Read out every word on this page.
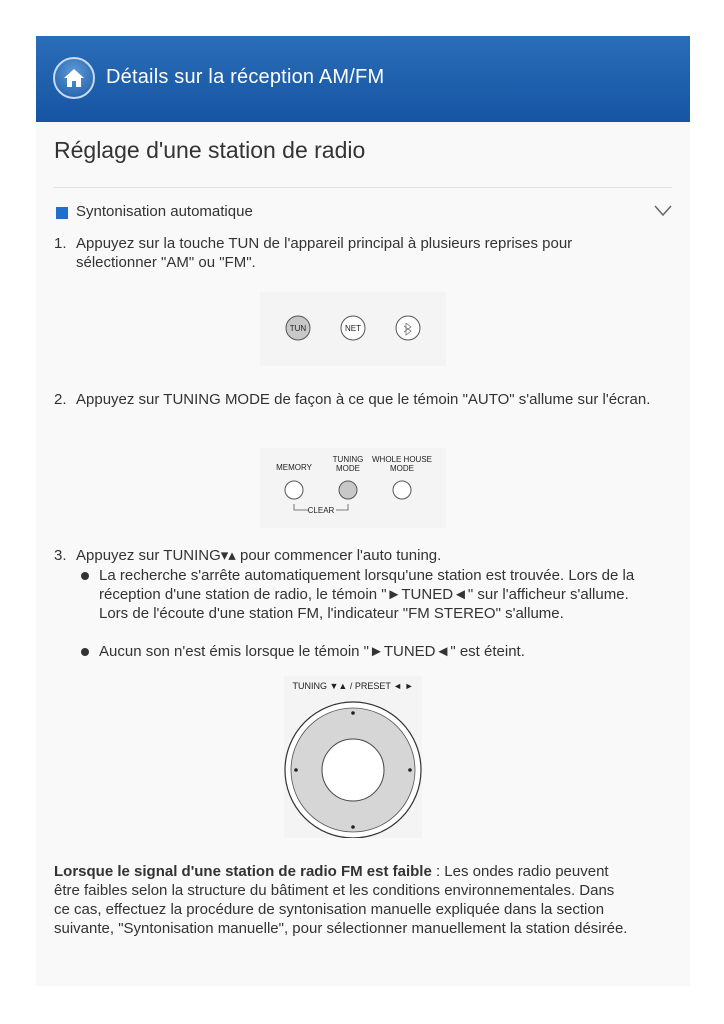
Détails sur la réception AM/FM
Réglage d'une station de radio
Syntonisation automatique
1. Appuyez sur la touche TUN de l'appareil principal à plusieurs reprises pour sélectionner "AM" ou "FM".
TUN	NET
2. Appuyez sur TUNING MODE de façon à ce que le témoin "AUTO" s'allume sur l'écran.
MEMORY
TUNING
MODE
WHOLE HOUSE
MODE
CLEAR
3. Appuyez sur TUNING▾▴ pour commencer l'auto tuning.
La recherche s'arrête automatiquement lorsqu'une station est trouvée. Lors de la réception d'une station de radio, le témoin "►TUNED◄" sur l'afficheur s'allume. Lors de l'écoute d'une station FM, l'indicateur "FM STEREO" s'allume.
Aucun son n'est émis lorsque le témoin "►TUNED◄" est éteint.
TUNING ▼▲ / PRESET ◄ ►
Lorsque le signal d'une station de radio FM est faible : Les ondes radio peuvent être faibles selon la structure du bâtiment et les conditions environnementales. Dans ce cas, effectuez la procédure de syntonisation manuelle expliquée dans la section suivante, "Syntonisation manuelle", pour sélectionner manuellement la station désirée.
